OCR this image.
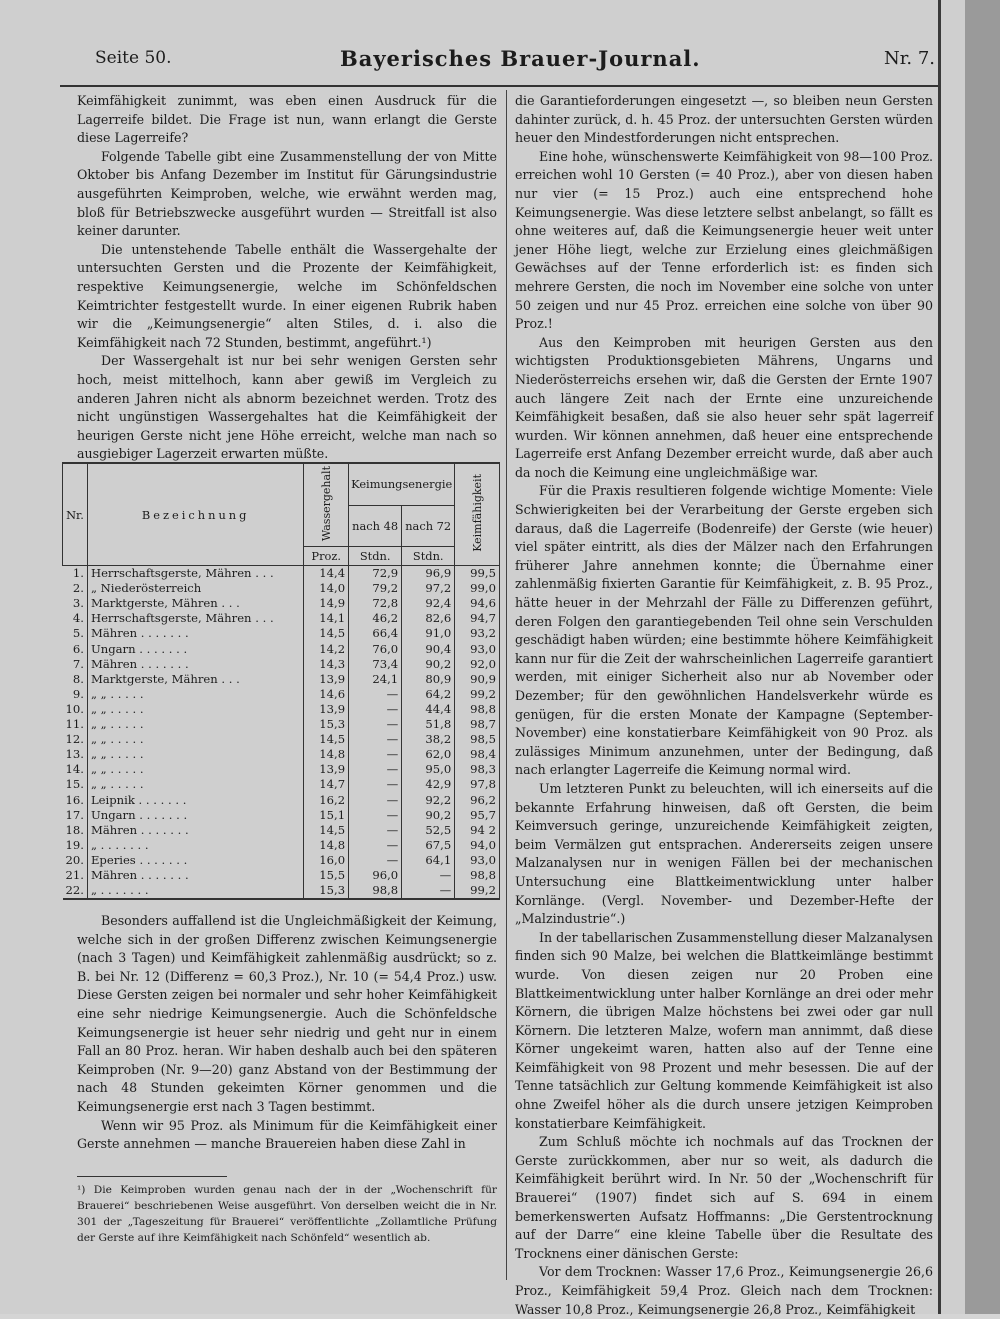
Seite 50.	Bayerisches Brauer-Journal.	Nr. 7.

Keimfähigkeit zunimmt, was eben einen Ausdruck für die Lagerreife bildet. Die Frage ist nun, wann erlangt die Gerste diese Lagerreife?

Folgende Tabelle gibt eine Zusammenstellung der von Mitte Oktober bis Anfang Dezember im Institut für Gärungsindustrie ausgeführten Keimproben, welche, wie erwähnt werden mag, bloß für Betriebszwecke ausgeführt wurden — Streitfall ist also keiner darunter.

Die untenstehende Tabelle enthält die Wassergehalte der untersuchten Gersten und die Prozente der Keimfähigkeit, respektive Keimungsenergie, welche im Schönfeldschen Keimtrichter festgestellt wurde. In einer eigenen Rubrik haben wir die „Keimungsenergie“ alten Stiles, d. i. also die Keimfähigkeit nach 72 Stunden, bestimmt, angeführt.¹)

Der Wassergehalt ist nur bei sehr wenigen Gersten sehr hoch, meist mittelhoch, kann aber gewiß im Vergleich zu anderen Jahren nicht als abnorm bezeichnet werden. Trotz des nicht ungünstigen Wassergehaltes hat die Keimfähigkeit der heurigen Gerste nicht jene Höhe erreicht, welche man nach so ausgiebiger Lagerzeit erwarten müßte.

Nr.	Bezeichnung	Wassergehalt	Keimungsenergie		Keimfähigkeit
			nach 48	nach 72	
		Proz.	Stdn.	Stdn.	
1.	Herrschaftsgerste, Mähren . . .	14,4	72,9	96,9	99,5
2.	„ Niederösterreich	14,0	79,2	97,2	99,0
3.	Marktgerste, Mähren . . .	14,9	72,8	92,4	94,6
4.	Herrschaftsgerste, Mähren . . .	14,1	46,2	82,6	94,7
5.	Mähren . . . . . . .	14,5	66,4	91,0	93,2
6.	Ungarn . . . . . . .	14,2	76,0	90,4	93,0
7.	Mähren . . . . . . .	14,3	73,4	90,2	92,0
8.	Marktgerste, Mähren . . .	13,9	24,1	80,9	90,9
9.	„ „ . . . . .	14,6	—	64,2	99,2
10.	„ „ . . . . .	13,9	—	44,4	98,8
11.	„ „ . . . . .	15,3	—	51,8	98,7
12.	„ „ . . . . .	14,5	—	38,2	98,5
13.	„ „ . . . . .	14,8	—	62,0	98,4
14.	„ „ . . . . .	13,9	—	95,0	98,3
15.	„ „ . . . . .	14,7	—	42,9	97,8
16.	Leipnik . . . . . . .	16,2	—	92,2	96,2
17.	Ungarn . . . . . . .	15,1	—	90,2	95,7
18.	Mähren . . . . . . .	14,5	—	52,5	94 2
19.	„ . . . . . . .	14,8	—	67,5	94,0
20.	Eperies . . . . . . .	16,0	—	64,1	93,0
21.	Mähren . . . . . . .	15,5	96,0	—	98,8
22.	„ . . . . . . .	15,3	98,8	—	99,2

Besonders auffallend ist die Ungleichmäßigkeit der Keimung, welche sich in der großen Differenz zwischen Keimungsenergie (nach 3 Tagen) und Keimfähigkeit zahlenmäßig ausdrückt; so z. B. bei Nr. 12 (Differenz = 60,3 Proz.), Nr. 10 (= 54,4 Proz.) usw. Diese Gersten zeigen bei normaler und sehr hoher Keimfähigkeit eine sehr niedrige Keimungsenergie. Auch die Schönfeldsche Keimungsenergie ist heuer sehr niedrig und geht nur in einem Fall an 80 Proz. heran. Wir haben deshalb auch bei den späteren Keimproben (Nr. 9—20) ganz Abstand von der Bestimmung der nach 48 Stunden gekeimten Körner genommen und die Keimungsenergie erst nach 3 Tagen bestimmt.

Wenn wir 95 Proz. als Minimum für die Keimfähigkeit einer Gerste annehmen — manche Brauereien haben diese Zahl in

¹) Die Keimproben wurden genau nach der in der „Wochenschrift für Brauerei“ beschriebenen Weise ausgeführt. Von derselben weicht die in Nr. 301 der „Tageszeitung für Brauerei“ veröffentlichte „Zollamtliche Prüfung der Gerste auf ihre Keimfähigkeit nach Schönfeld“ wesentlich ab.

die Garantieforderungen eingesetzt —, so bleiben neun Gersten dahinter zurück, d. h. 45 Proz. der untersuchten Gersten würden heuer den Mindestforderungen nicht entsprechen.

Eine hohe, wünschenswerte Keimfähigkeit von 98—100 Proz. erreichen wohl 10 Gersten (= 40 Proz.), aber von diesen haben nur vier (= 15 Proz.) auch eine entsprechend hohe Keimungsenergie. Was diese letztere selbst anbelangt, so fällt es ohne weiteres auf, daß die Keimungsenergie heuer weit unter jener Höhe liegt, welche zur Erzielung eines gleichmäßigen Gewächses auf der Tenne erforderlich ist: es finden sich mehrere Gersten, die noch im November eine solche von unter 50 zeigen und nur 45 Proz. erreichen eine solche von über 90 Proz.!

Aus den Keimproben mit heurigen Gersten aus den wichtigsten Produktionsgebieten Mährens, Ungarns und Niederösterreichs ersehen wir, daß die Gersten der Ernte 1907 auch längere Zeit nach der Ernte eine unzureichende Keimfähigkeit besaßen, daß sie also heuer sehr spät lagerreif wurden. Wir können annehmen, daß heuer eine entsprechende Lagerreife erst Anfang Dezember erreicht wurde, daß aber auch da noch die Keimung eine ungleichmäßige war.

Für die Praxis resultieren folgende wichtige Momente: Viele Schwierigkeiten bei der Verarbeitung der Gerste ergeben sich daraus, daß die Lagerreife (Bodenreife) der Gerste (wie heuer) viel später eintritt, als dies der Mälzer nach den Erfahrungen früherer Jahre annehmen konnte; die Übernahme einer zahlenmäßig fixierten Garantie für Keimfähigkeit, z. B. 95 Proz., hätte heuer in der Mehrzahl der Fälle zu Differenzen geführt, deren Folgen den garantiegebenden Teil ohne sein Verschulden geschädigt haben würden; eine bestimmte höhere Keimfähigkeit kann nur für die Zeit der wahrscheinlichen Lagerreife garantiert werden, mit einiger Sicherheit also nur ab November oder Dezember; für den gewöhnlichen Handelsverkehr würde es genügen, für die ersten Monate der Kampagne (September-November) eine konstatierbare Keimfähigkeit von 90 Proz. als zulässiges Minimum anzunehmen, unter der Bedingung, daß nach erlangter Lagerreife die Keimung normal wird.

Um letzteren Punkt zu beleuchten, will ich einerseits auf die bekannte Erfahrung hinweisen, daß oft Gersten, die beim Keimversuch geringe, unzureichende Keimfähigkeit zeigten, beim Vermälzen gut entsprachen. Andererseits zeigen unsere Malzanalysen nur in wenigen Fällen bei der mechanischen Untersuchung eine Blattkeimentwicklung unter halber Kornlänge. (Vergl. November- und Dezember-Hefte der „Malzindustrie“.)

In der tabellarischen Zusammenstellung dieser Malzanalysen finden sich 90 Malze, bei welchen die Blattkeimlänge bestimmt wurde. Von diesen zeigen nur 20 Proben eine Blattkeimentwicklung unter halber Kornlänge an drei oder mehr Körnern, die übrigen Malze höchstens bei zwei oder gar null Körnern. Die letzteren Malze, wofern man annimmt, daß diese Körner ungekeimt waren, hatten also auf der Tenne eine Keimfähigkeit von 98 Prozent und mehr besessen. Die auf der Tenne tatsächlich zur Geltung kommende Keimfähigkeit ist also ohne Zweifel höher als die durch unsere jetzigen Keimproben konstatierbare Keimfähigkeit.

Zum Schluß möchte ich nochmals auf das Trocknen der Gerste zurückkommen, aber nur so weit, als dadurch die Keimfähigkeit berührt wird. In Nr. 50 der „Wochenschrift für Brauerei“ (1907) findet sich auf S. 694 in einem bemerkenswerten Aufsatz Hoffmanns: „Die Gerstentrocknung auf der Darre“ eine kleine Tabelle über die Resultate des Trocknens einer dänischen Gerste:

Vor dem Trocknen: Wasser 17,6 Proz., Keimungsenergie 26,6 Proz., Keimfähigkeit 59,4 Proz. Gleich nach dem Trocknen: Wasser 10,8 Proz., Keimungsenergie 26,8 Proz., Keimfähigkeit
